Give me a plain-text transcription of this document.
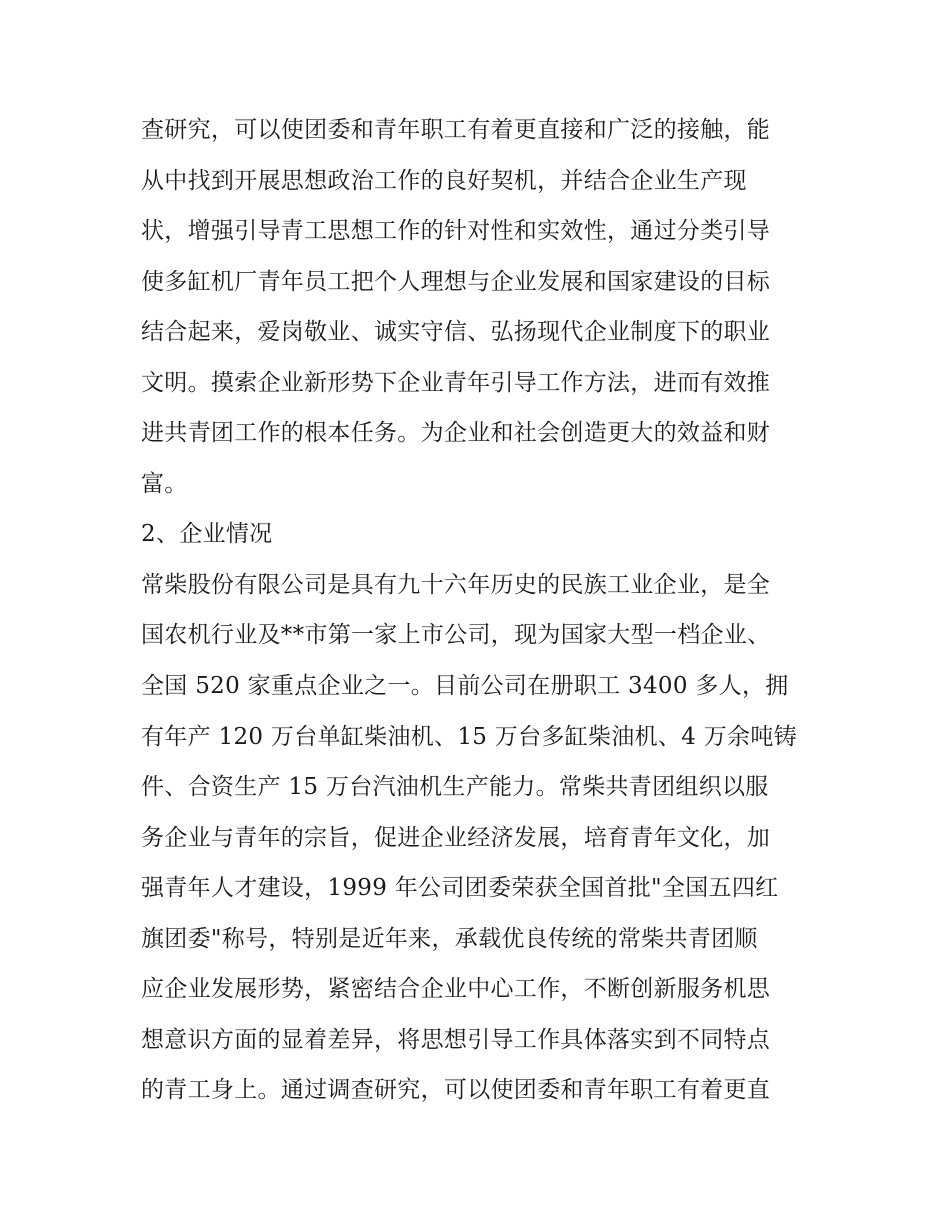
查研究，可以使团委和青年职工有着更直接和广泛的接触，能
从中找到开展思想政治工作的良好契机，并结合企业生产现
状，增强引导青工思想工作的针对性和实效性，通过分类引导
使多缸机厂青年员工把个人理想与企业发展和国家建设的目标
结合起来，爱岗敬业、诚实守信、弘扬现代企业制度下的职业
文明。摸索企业新形势下企业青年引导工作方法，进而有效推
进共青团工作的根本任务。为企业和社会创造更大的效益和财
富。
2、企业情况
常柴股份有限公司是具有九十六年历史的民族工业企业，是全
国农机行业及**市第一家上市公司，现为国家大型一档企业、
全国 520 家重点企业之一。目前公司在册职工 3400 多人，拥
有年产 120 万台单缸柴油机、15 万台多缸柴油机、4 万余吨铸
件、合资生产 15 万台汽油机生产能力。常柴共青团组织以服
务企业与青年的宗旨，促进企业经济发展，培育青年文化，加
强青年人才建设，1999 年公司团委荣获全国首批"全国五四红
旗团委"称号，特别是近年来，承载优良传统的常柴共青团顺
应企业发展形势，紧密结合企业中心工作，不断创新服务机思
想意识方面的显着差异，将思想引导工作具体落实到不同特点
的青工身上。通过调查研究，可以使团委和青年职工有着更直
